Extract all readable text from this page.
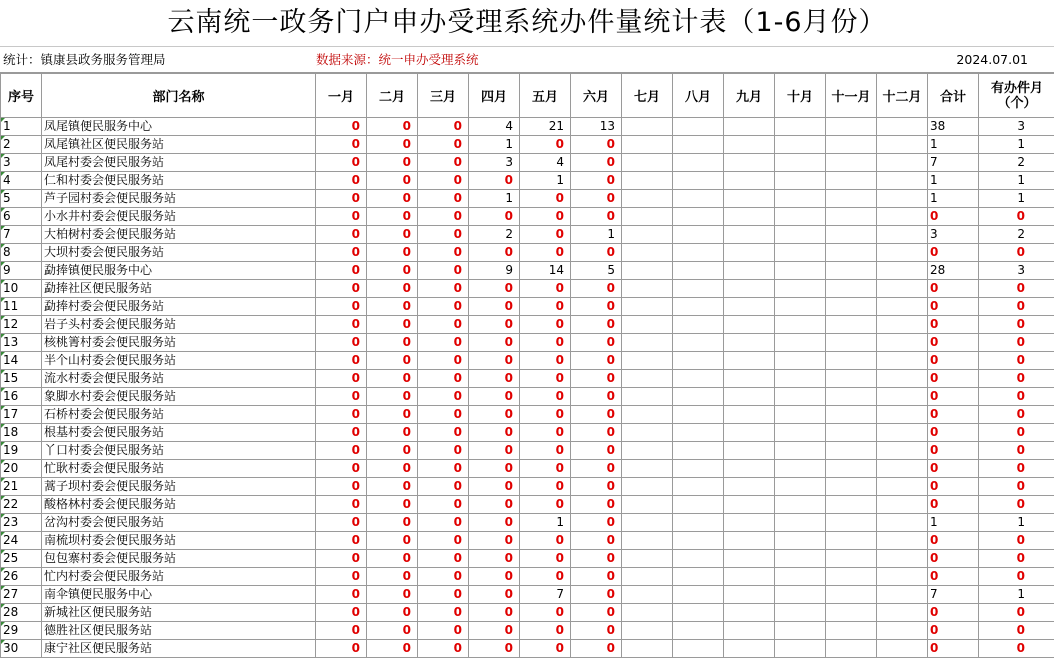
云南统一政务门户申办受理系统办件量统计表（1-6月份）
统计：镇康县政务服务管理局	数据来源：统一申办受理系统	2024.07.01
序号	部门名称	一月	二月	三月	四月	五月	六月	七月	八月	九月	十月	十一月	十二月	合计	有办件月
（个）

1	凤尾镇便民服务中心	0	0	0	4	21	13							38	3
2	凤尾镇社区便民服务站	0	0	0	1	0	0							1	1
3	凤尾村委会便民服务站	0	0	0	3	4	0							7	2
4	仁和村委会便民服务站	0	0	0	0	1	0							1	1
5	芦子园村委会便民服务站	0	0	0	1	0	0							1	1
6	小水井村委会便民服务站	0	0	0	0	0	0							0	0
7	大柏树村委会便民服务站	0	0	0	2	0	1							3	2
8	大坝村委会便民服务站	0	0	0	0	0	0							0	0
9	勐捧镇便民服务中心	0	0	0	9	14	5							28	3
10	勐捧社区便民服务站	0	0	0	0	0	0							0	0
11	勐捧村委会便民服务站	0	0	0	0	0	0							0	0
12	岩子头村委会便民服务站	0	0	0	0	0	0							0	0
13	核桃箐村委会便民服务站	0	0	0	0	0	0							0	0
14	半个山村委会便民服务站	0	0	0	0	0	0							0	0
15	流水村委会便民服务站	0	0	0	0	0	0							0	0
16	象脚水村委会便民服务站	0	0	0	0	0	0							0	0
17	石桥村委会便民服务站	0	0	0	0	0	0							0	0
18	根基村委会便民服务站	0	0	0	0	0	0							0	0
19	丫口村委会便民服务站	0	0	0	0	0	0							0	0
20	忙耿村委会便民服务站	0	0	0	0	0	0							0	0
21	蒿子坝村委会便民服务站	0	0	0	0	0	0							0	0
22	酸格林村委会便民服务站	0	0	0	0	0	0							0	0
23	岔沟村委会便民服务站	0	0	0	0	1	0							1	1
24	南梳坝村委会便民服务站	0	0	0	0	0	0							0	0
25	包包寨村委会便民服务站	0	0	0	0	0	0							0	0
26	忙内村委会便民服务站	0	0	0	0	0	0							0	0
27	南伞镇便民服务中心	0	0	0	0	7	0							7	1
28	新城社区便民服务站	0	0	0	0	0	0							0	0
29	德胜社区便民服务站	0	0	0	0	0	0							0	0
30	康宁社区便民服务站	0	0	0	0	0	0							0	0
